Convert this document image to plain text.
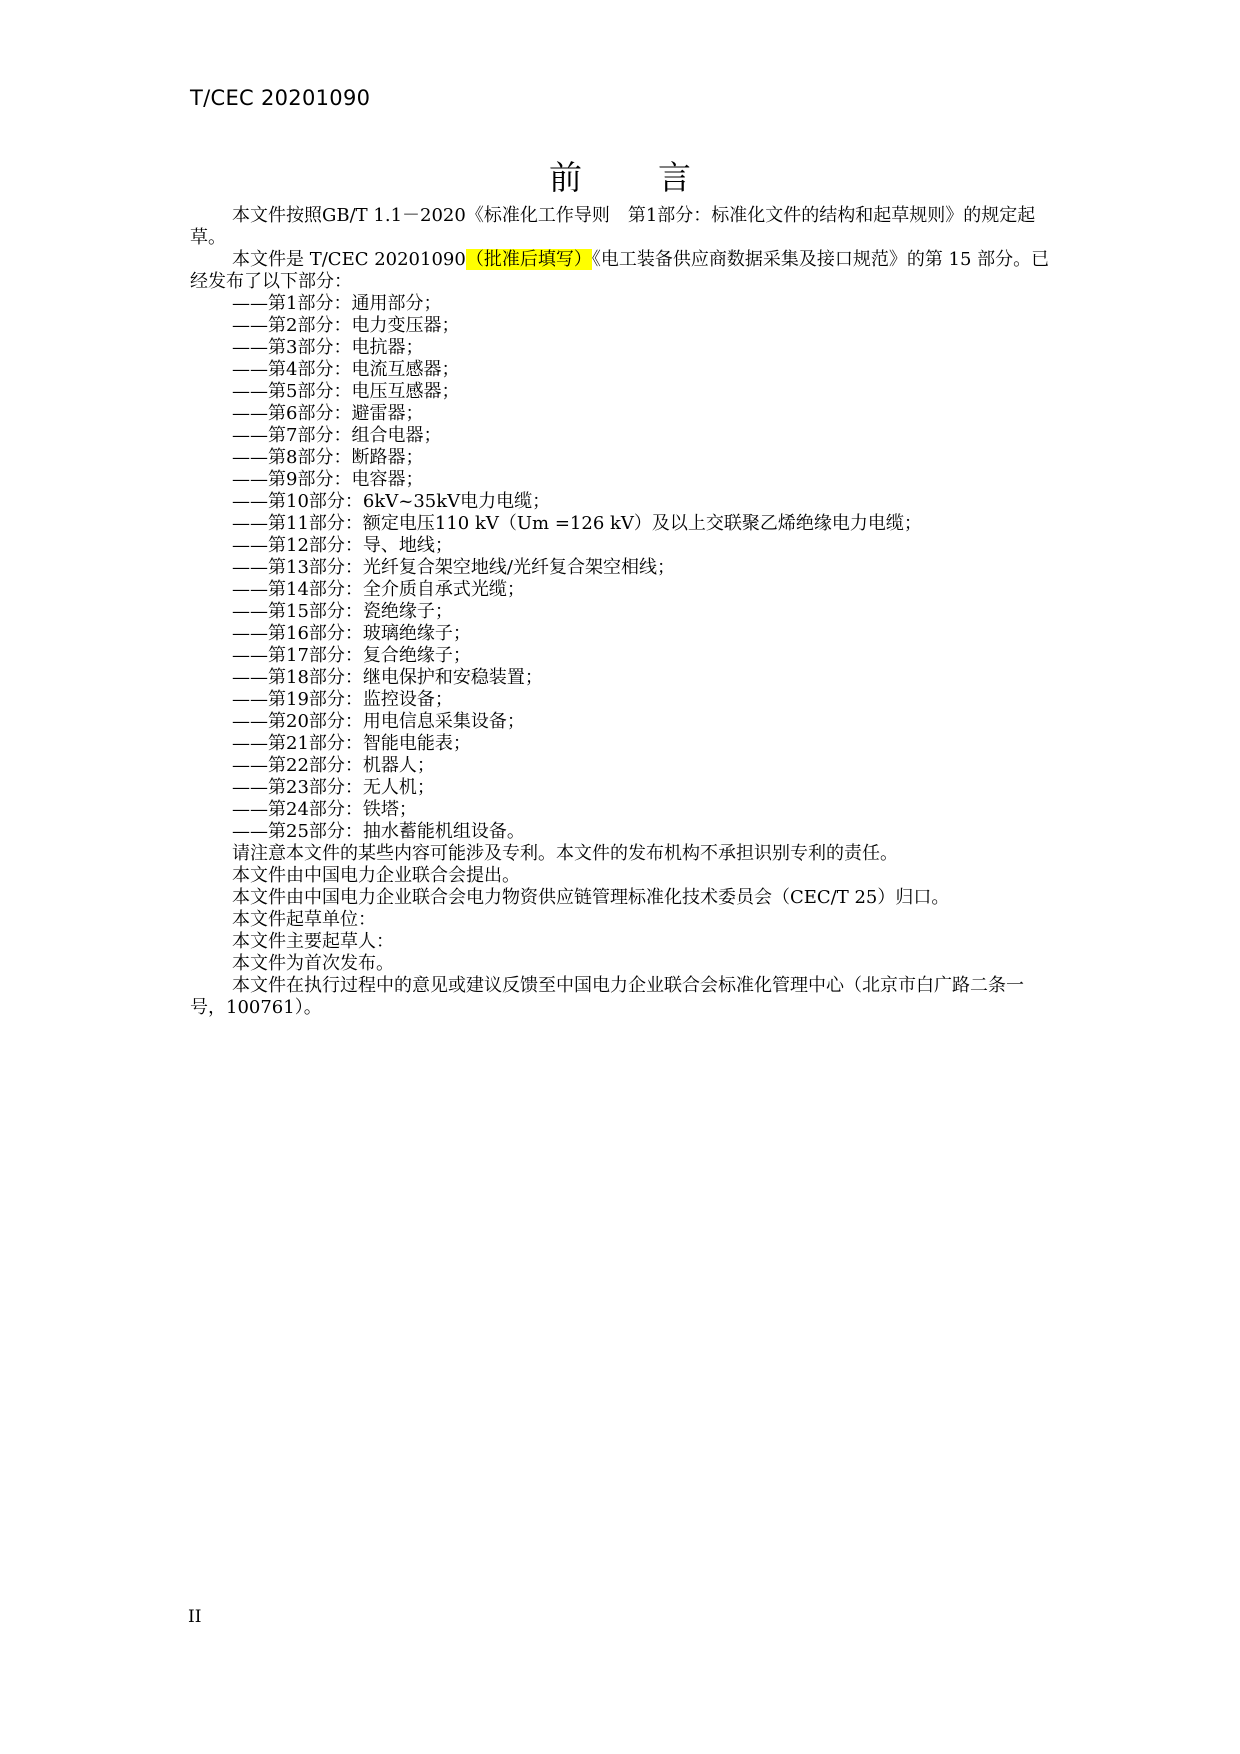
T/CEC 20201090
前 言

本文件按照GB/T 1.1－2020《标准化工作导则　第1部分：标准化文件的结构和起草规则》的规定起草。

本文件是 T/CEC 20201090（批准后填写）《电工装备供应商数据采集及接口规范》的第 15 部分。已经发布了以下部分：

——第1部分：通用部分；

——第2部分：电力变压器；

——第3部分：电抗器；

——第4部分：电流互感器；

——第5部分：电压互感器；

——第6部分：避雷器；

——第7部分：组合电器；

——第8部分：断路器；

——第9部分：电容器；

——第10部分：6kV~35kV电力电缆；

——第11部分：额定电压110 kV（Um =126 kV）及以上交联聚乙烯绝缘电力电缆；

——第12部分：导、地线；

——第13部分：光纤复合架空地线/光纤复合架空相线；

——第14部分：全介质自承式光缆；

——第15部分：瓷绝缘子；

——第16部分：玻璃绝缘子；

——第17部分：复合绝缘子；

——第18部分：继电保护和安稳装置；

——第19部分：监控设备；

——第20部分：用电信息采集设备；

——第21部分：智能电能表；

——第22部分：机器人；

——第23部分：无人机；

——第24部分：铁塔；

——第25部分：抽水蓄能机组设备。

请注意本文件的某些内容可能涉及专利。本文件的发布机构不承担识别专利的责任。

本文件由中国电力企业联合会提出。

本文件由中国电力企业联合会电力物资供应链管理标准化技术委员会（CEC/T 25）归口。

本文件起草单位：

本文件主要起草人：

本文件为首次发布。

本文件在执行过程中的意见或建议反馈至中国电力企业联合会标准化管理中心（北京市白广路二条一号，100761）。

II
